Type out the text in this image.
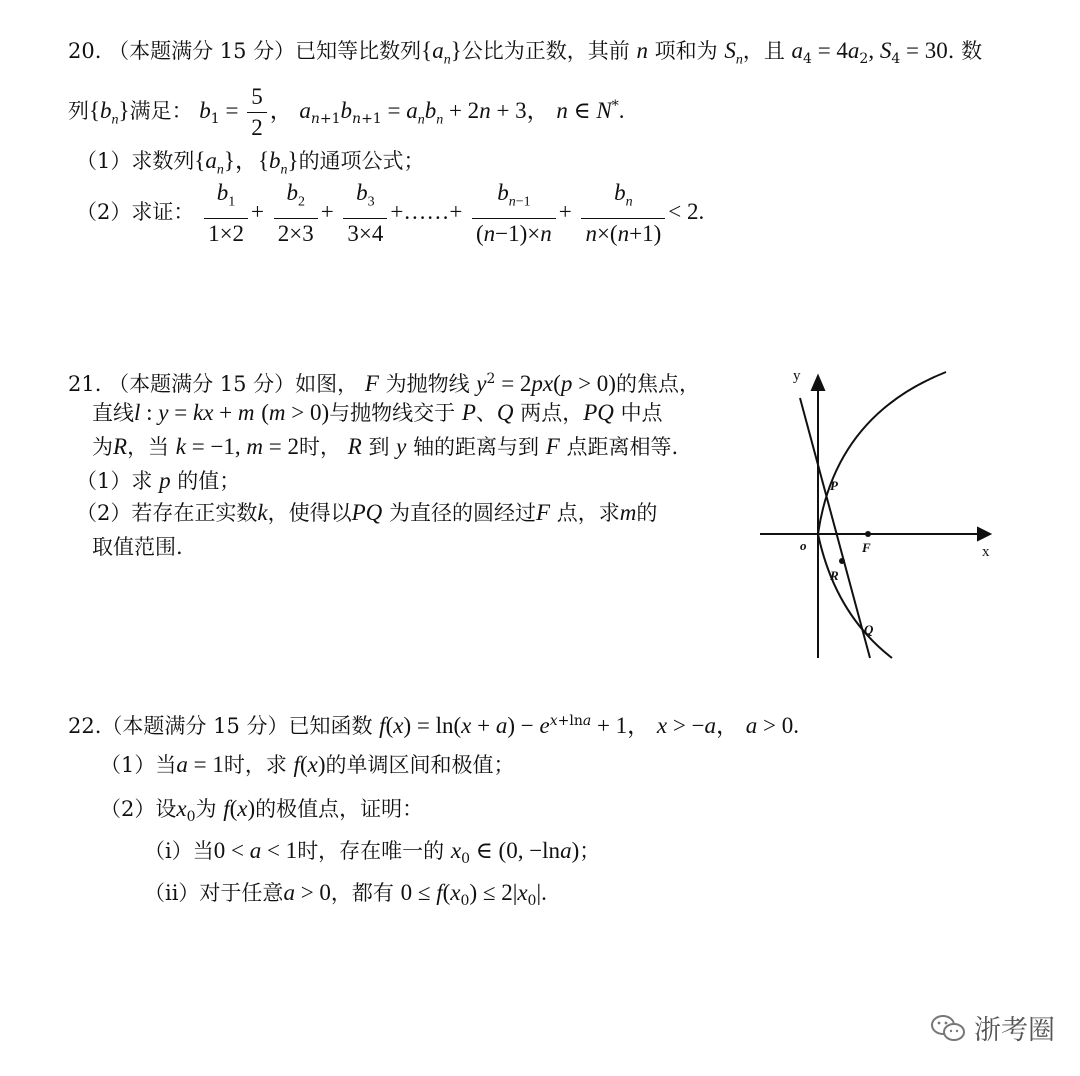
20. （本题满分 15 分）已知等比数列$\{a_n\}$公比为正数，其前 n 项和为 $S_n$，且 $a_4 = 4a_2$, $S_4 = 30$. 数
列$\{b_n\}$满足： $b_1 = \frac{5}{2}$ ， $a_{n+1}b_{n+1} = a_nb_n + 2n + 3$， n ∈ N*.
（1）求数列$\{a_n\}$，$\{b_n\}$的通项公式；
（2）求证： $\frac{b_1}{1\times 2} + \frac{b_2}{2\times 3} + \frac{b_3}{3\times 4}$ +……+ $\frac{b_{n-1}}{(n-1)\times n} + \frac{b_n}{n\times(n+1)} < 2$.
21. （本题满分 15 分）如图， F 为抛物线 $y^2 = 2px(p > 0)$的焦点，
直线l : y = kx + m (m > 0)与抛物线交于 P、Q 两点，PQ 中点
为R，当 k = −1, m = 2时， R 到 y 轴的距离与到 F 点距离相等.
（1）求 p 的值；
（2）若存在正实数k，使得以PQ 为直径的圆经过F 点，求m的
取值范围.
y
x
o	F
P
R
Q
22.（本题满分 15 分）已知函数 $f(x) = \ln(x + a) - e^{x+lna} + 1$， x > −a， a > 0.
（1）当a = 1时，求 f(x)的单调区间和极值；
（2）设$x_0$为 f(x)的极值点，证明：
（i）当0 < a < 1时，存在唯一的 $x_0$ ∈ (0, −lna)；
（ii）对于任意a > 0，都有 $0 \le f(x_0) \le 2|x_0|$.
浙考圈
